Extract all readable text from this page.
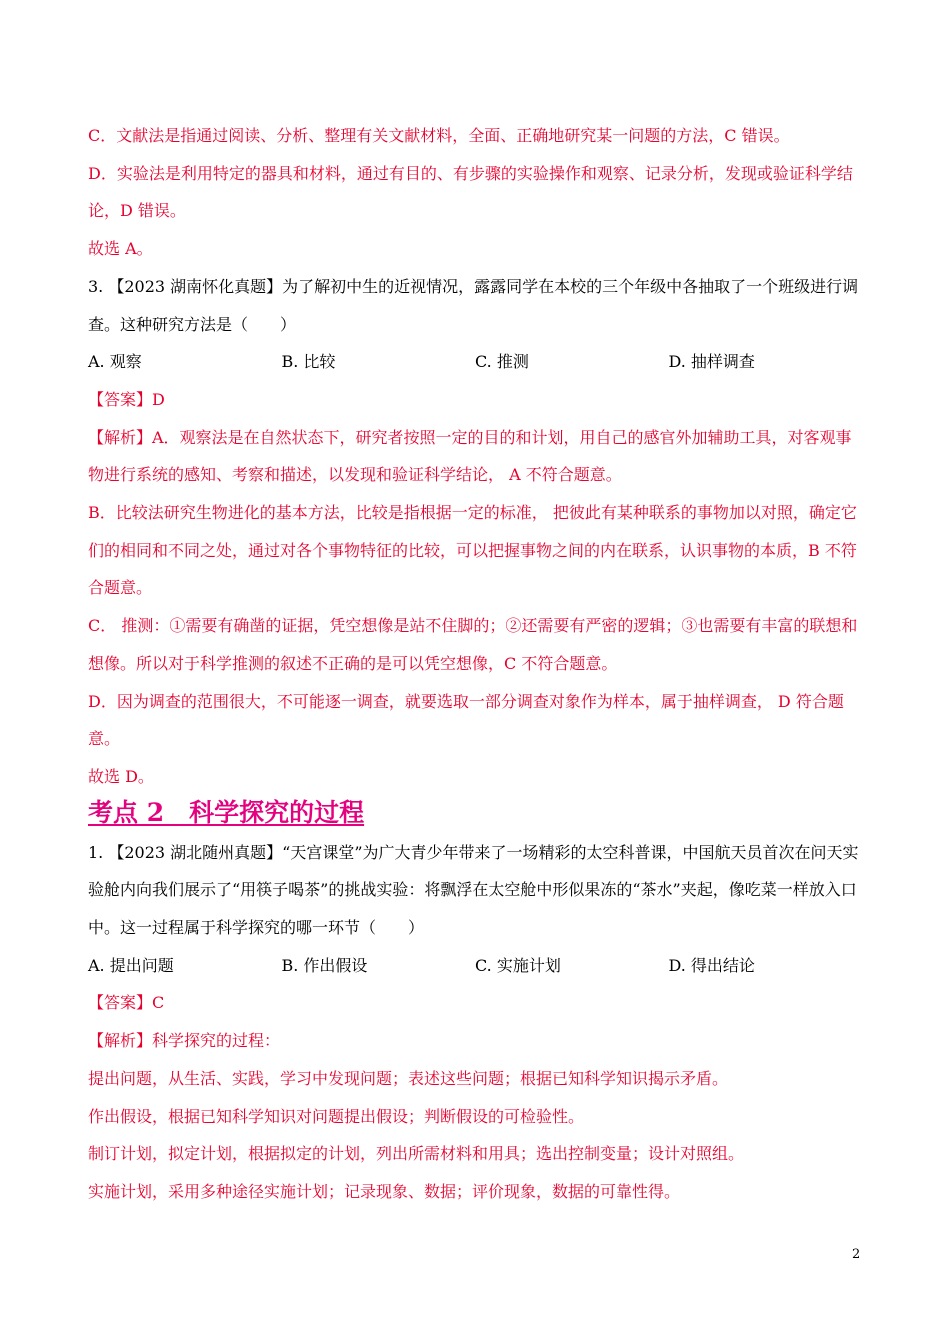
C．文献法是指通过阅读、分析、整理有关文献材料，全面、正确地研究某一问题的方法，C 错误。

D．实验法是利用特定的器具和材料，通过有目的、有步骤的实验操作和观察、记录分析，发现或验证科学结论，D 错误。

故选 A。

3. 【2023 湖南怀化真题】为了解初中生的近视情况，露露同学在本校的三个年级中各抽取了一个班级进行调查。这种研究方法是（　　）

A. 观察	B. 比较	C. 推测	D. 抽样调查

【答案】D

【解析】A．观察法是在自然状态下，研究者按照一定的目的和计划，用自己的感官外加辅助工具，对客观事物进行系统的感知、考察和描述，以发现和验证科学结论， A 不符合题意。

B．比较法研究生物进化的基本方法，比较是指根据一定的标准， 把彼此有某种联系的事物加以对照，确定它们的相同和不同之处，通过对各个事物特征的比较，可以把握事物之间的内在联系，认识事物的本质，B 不符合题意。

C． 推测：①需要有确凿的证据，凭空想像是站不住脚的；②还需要有严密的逻辑；③也需要有丰富的联想和想像。所以对于科学推测的叙述不正确的是可以凭空想像，C 不符合题意。

D．因为调查的范围很大，不可能逐一调查，就要选取一部分调查对象作为样本，属于抽样调查， D 符合题意。

故选 D。

考点 2　科学探究的过程

1. 【2023 湖北随州真题】“天宫课堂”为广大青少年带来了一场精彩的太空科普课，中国航天员首次在问天实验舱内向我们展示了“用筷子喝茶”的挑战实验：将飘浮在太空舱中形似果冻的“茶水”夹起，像吃菜一样放入口中。这一过程属于科学探究的哪一环节（　　）

A. 提出问题	B. 作出假设	C. 实施计划	D. 得出结论

【答案】C

【解析】科学探究的过程：

提出问题，从生活、实践，学习中发现问题；表述这些问题；根据已知科学知识揭示矛盾。

作出假设，根据已知科学知识对问题提出假设；判断假设的可检验性。

制订计划，拟定计划，根据拟定的计划，列出所需材料和用具；选出控制变量；设计对照组。

实施计划，采用多种途径实施计划；记录现象、数据；评价现象，数据的可靠性得。

2
